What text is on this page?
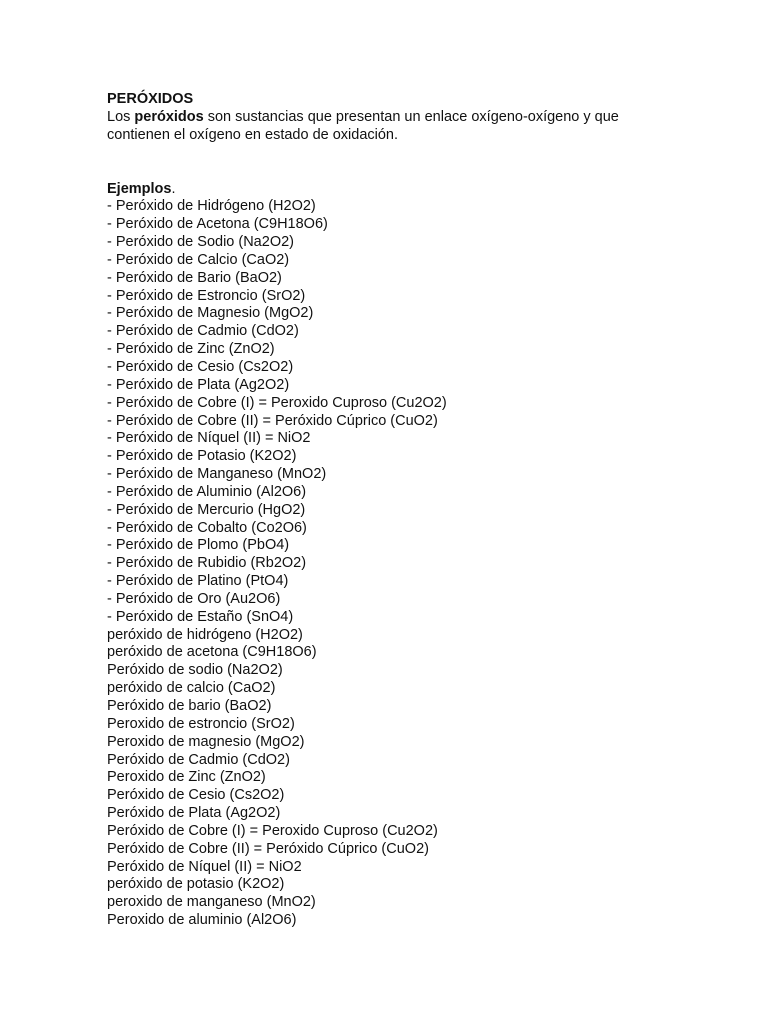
PERÓXIDOS

Los peróxidos son sustancias que presentan un enlace oxígeno-oxígeno y que contienen el oxígeno en estado de oxidación.

Ejemplos.
- Peróxido de Hidrógeno (H2O2)
- Peróxido de Acetona (C9H18O6)
- Peróxido de Sodio (Na2O2)
- Peróxido de Calcio (CaO2)
- Peróxido de Bario (BaO2)
- Peróxido de Estroncio (SrO2)
- Peróxido de Magnesio (MgO2)
- Peróxido de Cadmio (CdO2)
- Peróxido de Zinc (ZnO2)
- Peróxido de Cesio (Cs2O2)
- Peróxido de Plata (Ag2O2)
- Peróxido de Cobre (I) = Peroxido Cuproso (Cu2O2)
- Peróxido de Cobre (II) = Peróxido Cúprico (CuO2)
- Peróxido de Níquel (II) = NiO2
- Peróxido de Potasio (K2O2)
- Peróxido de Manganeso (MnO2)
- Peróxido de Aluminio (Al2O6)
- Peróxido de Mercurio (HgO2)
- Peróxido de Cobalto (Co2O6)
- Peróxido de Plomo (PbO4)
- Peróxido de Rubidio (Rb2O2)
- Peróxido de Platino (PtO4)
- Peróxido de Oro (Au2O6)
- Peróxido de Estaño (SnO4)
peróxido de hidrógeno (H2O2)
peróxido de acetona (C9H18O6)
Peróxido de sodio (Na2O2)
peróxido de calcio (CaO2)
Peróxido de bario (BaO2)
Peroxido de estroncio (SrO2)
Peroxido de magnesio (MgO2)
Peróxido de Cadmio (CdO2)
Peroxido de Zinc (ZnO2)
Peróxido de Cesio (Cs2O2)
Peróxido de Plata (Ag2O2)
Peróxido de Cobre (I) = Peroxido Cuproso (Cu2O2)
Peróxido de Cobre (II) = Peróxido Cúprico (CuO2)
Peróxido de Níquel (II) = NiO2
peróxido de potasio (K2O2)
peroxido de manganeso (MnO2)
Peroxido de aluminio (Al2O6)
